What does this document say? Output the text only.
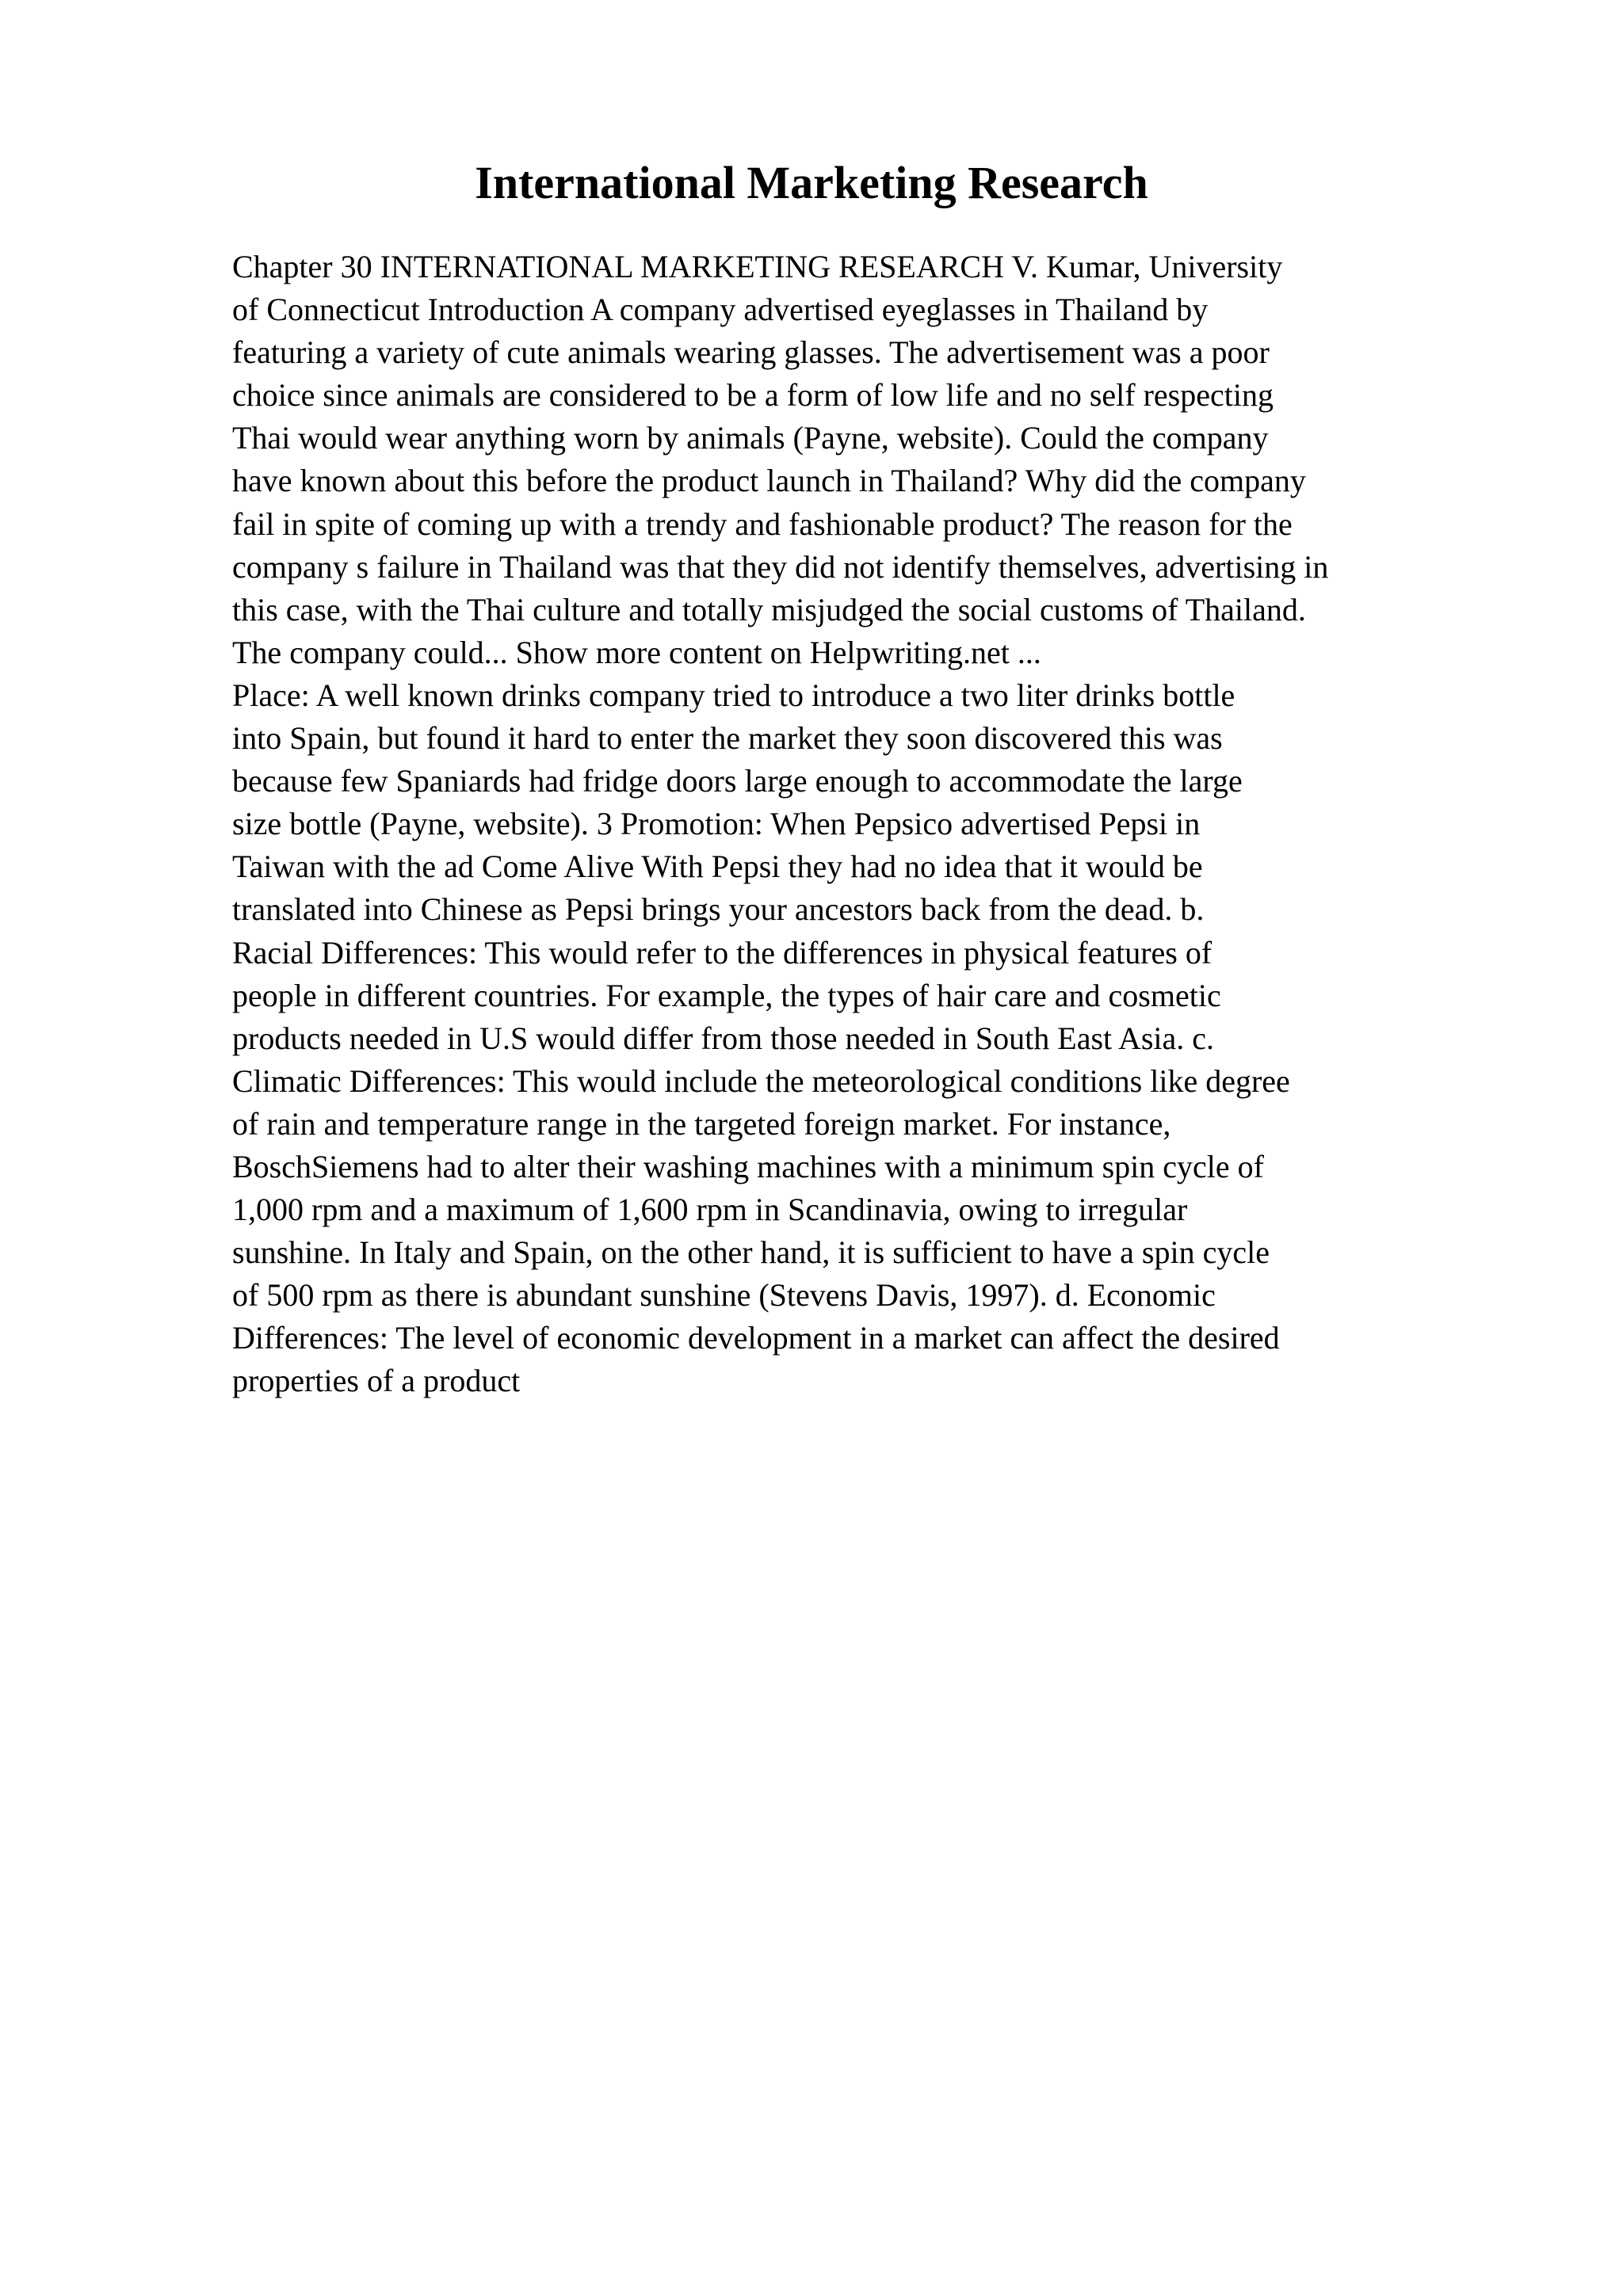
International Marketing Research
Chapter 30 INTERNATIONAL MARKETING RESEARCH V. Kumar, University
of Connecticut Introduction A company advertised eyeglasses in Thailand by
featuring a variety of cute animals wearing glasses. The advertisement was a poor
choice since animals are considered to be a form of low life and no self respecting
Thai would wear anything worn by animals (Payne, website). Could the company
have known about this before the product launch in Thailand? Why did the company
fail in spite of coming up with a trendy and fashionable product? The reason for the
company s failure in Thailand was that they did not identify themselves, advertising in
this case, with the Thai culture and totally misjudged the social customs of Thailand.
The company could... Show more content on Helpwriting.net ...
Place: A well known drinks company tried to introduce a two liter drinks bottle
into Spain, but found it hard to enter the market they soon discovered this was
because few Spaniards had fridge doors large enough to accommodate the large
size bottle (Payne, website). 3 Promotion: When Pepsico advertised Pepsi in
Taiwan with the ad Come Alive With Pepsi they had no idea that it would be
translated into Chinese as Pepsi brings your ancestors back from the dead. b.
Racial Differences: This would refer to the differences in physical features of
people in different countries. For example, the types of hair care and cosmetic
products needed in U.S would differ from those needed in South East Asia. c.
Climatic Differences: This would include the meteorological conditions like degree
of rain and temperature range in the targeted foreign market. For instance,
BoschSiemens had to alter their washing machines with a minimum spin cycle of
1,000 rpm and a maximum of 1,600 rpm in Scandinavia, owing to irregular
sunshine. In Italy and Spain, on the other hand, it is sufficient to have a spin cycle
of 500 rpm as there is abundant sunshine (Stevens Davis, 1997). d. Economic
Differences: The level of economic development in a market can affect the desired
properties of a product
